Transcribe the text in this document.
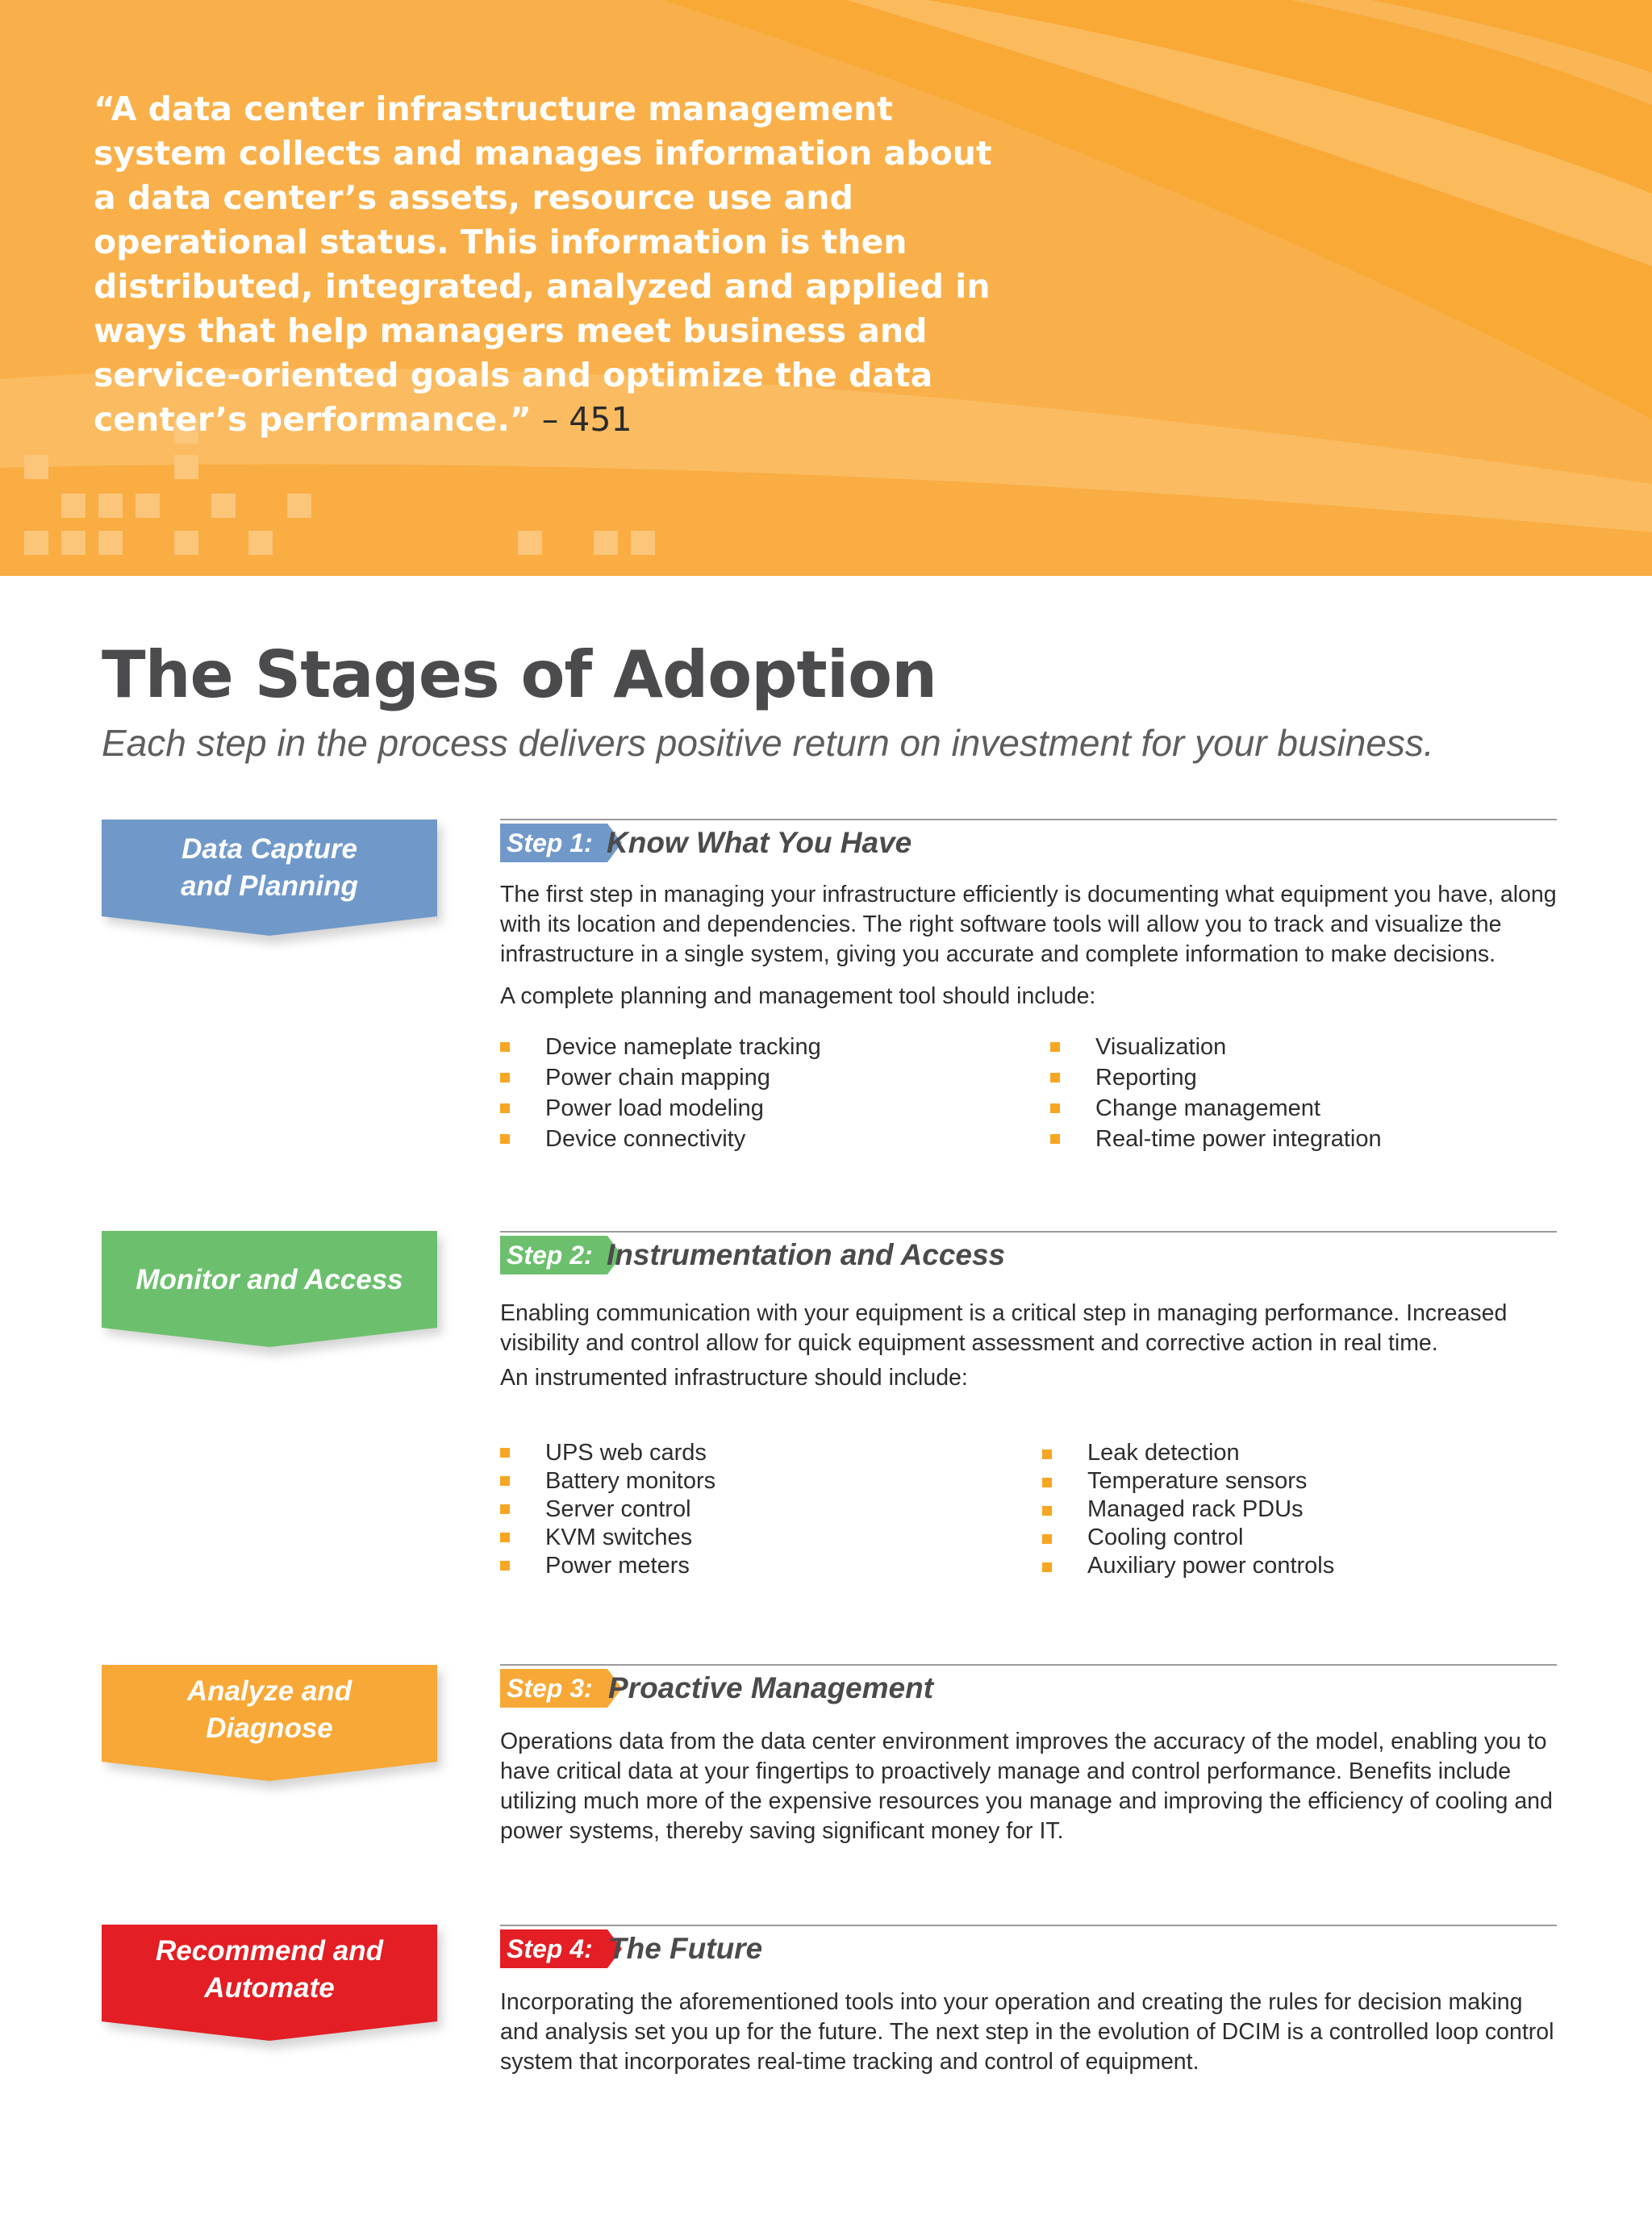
“A data center infrastructure management system collects and manages information about a data center’s assets, resource use and operational status. This information is then distributed, integrated, analyzed and applied in ways that help managers meet business and service-oriented goals and optimize the data center’s performance.” – 451

The Stages of Adoption

Each step in the process delivers positive return on investment for your business.

Data Capture
and Planning
Monitor and Access
Analyze and
Diagnose
Recommend and
Automate
Step 1: Know What You Have

The first step in managing your infrastructure efficiently is documenting what equipment you have, along with its location and dependencies. The right software tools will allow you to track and visualize the infrastructure in a single system, giving you accurate and complete information to make decisions.

A complete planning and management tool should include:

Device nameplate tracking
Power chain mapping
Power load modeling
Device connectivity
Visualization
Reporting
Change management
Real-time power integration
Step 2: Instrumentation and Access

Enabling communication with your equipment is a critical step in managing performance. Increased visibility and control allow for quick equipment assessment and corrective action in real time.

An instrumented infrastructure should include:

UPS web cards
Battery monitors
Server control
KVM switches
Power meters
Leak detection
Temperature sensors
Managed rack PDUs
Cooling control
Auxiliary power controls
Step 3: Proactive Management

Operations data from the data center environment improves the accuracy of the model, enabling you to have critical data at your fingertips to proactively manage and control performance. Benefits include utilizing much more of the expensive resources you manage and improving the efficiency of cooling and power systems, thereby saving significant money for IT.

Step 4: The Future

Incorporating the aforementioned tools into your operation and creating the rules for decision making and analysis set you up for the future. The next step in the evolution of DCIM is a controlled loop control system that incorporates real-time tracking and control of equipment.
